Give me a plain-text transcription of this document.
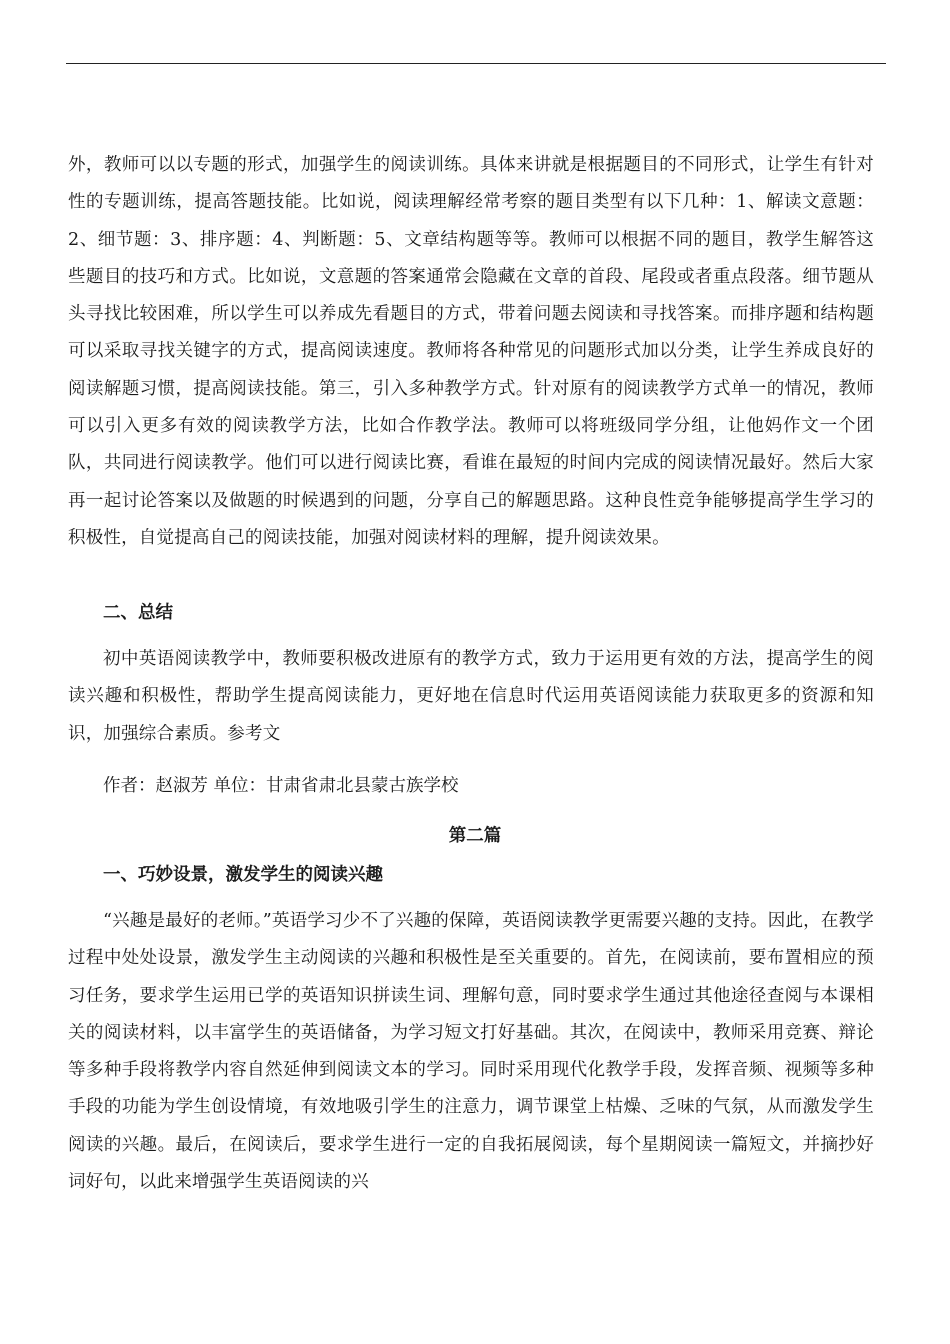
外，教师可以以专题的形式，加强学生的阅读训练。具体来讲就是根据题目的不同形式，让学生有针对性的专题训练，提高答题技能。比如说，阅读理解经常考察的题目类型有以下几种：1、解读文意题：2、细节题：3、排序题：4、判断题：5、文章结构题等等。教师可以根据不同的题目，教学生解答这些题目的技巧和方式。比如说，文意题的答案通常会隐藏在文章的首段、尾段或者重点段落。细节题从头寻找比较困难，所以学生可以养成先看题目的方式，带着问题去阅读和寻找答案。而排序题和结构题可以采取寻找关键字的方式，提高阅读速度。教师将各种常见的问题形式加以分类，让学生养成良好的阅读解题习惯，提高阅读技能。第三，引入多种教学方式。针对原有的阅读教学方式单一的情况，教师可以引入更多有效的阅读教学方法，比如合作教学法。教师可以将班级同学分组，让他妈作文一个团队，共同进行阅读教学。他们可以进行阅读比赛，看谁在最短的时间内完成的阅读情况最好。然后大家再一起讨论答案以及做题的时候遇到的问题，分享自己的解题思路。这种良性竞争能够提高学生学习的积极性，自觉提高自己的阅读技能，加强对阅读材料的理解，提升阅读效果。

二、总结

初中英语阅读教学中，教师要积极改进原有的教学方式，致力于运用更有效的方法，提高学生的阅读兴趣和积极性，帮助学生提高阅读能力，更好地在信息时代运用英语阅读能力获取更多的资源和知识，加强综合素质。参考文

作者：赵淑芳 单位：甘肃省肃北县蒙古族学校

第二篇

一、巧妙设景，激发学生的阅读兴趣

“兴趣是最好的老师。”英语学习少不了兴趣的保障，英语阅读教学更需要兴趣的支持。因此，在教学过程中处处设景，激发学生主动阅读的兴趣和积极性是至关重要的。首先，在阅读前，要布置相应的预习任务，要求学生运用已学的英语知识拼读生词、理解句意，同时要求学生通过其他途径查阅与本课相关的阅读材料，以丰富学生的英语储备，为学习短文打好基础。其次，在阅读中，教师采用竞赛、辩论等多种手段将教学内容自然延伸到阅读文本的学习。同时采用现代化教学手段，发挥音频、视频等多种手段的功能为学生创设情境，有效地吸引学生的注意力，调节课堂上枯燥、乏味的气氛，从而激发学生阅读的兴趣。最后，在阅读后，要求学生进行一定的自我拓展阅读，每个星期阅读一篇短文，并摘抄好词好句，以此来增强学生英语阅读的兴
